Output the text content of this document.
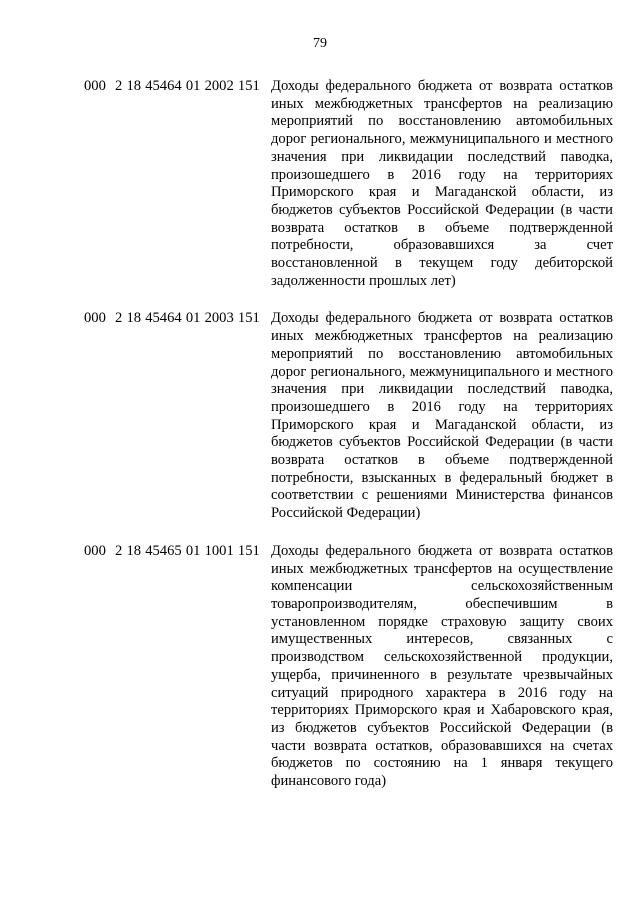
79
000 2 18 45464 01 2002 151 Доходы федерального бюджета от возврата остатков иных межбюджетных трансфертов на реализацию мероприятий по восстановлению автомобильных дорог регионального, межмуниципального и местного значения при ликвидации последствий паводка, произошедшего в 2016 году на территориях Приморского края и Магаданской области, из бюджетов субъектов Российской Федерации (в части возврата остатков в объеме подтвержденной потребности, образовавшихся за счет восстановленной в текущем году дебиторской задолженности прошлых лет)
000 2 18 45464 01 2003 151 Доходы федерального бюджета от возврата остатков иных межбюджетных трансфертов на реализацию мероприятий по восстановлению автомобильных дорог регионального, межмуниципального и местного значения при ликвидации последствий паводка, произошедшего в 2016 году на территориях Приморского края и Магаданской области, из бюджетов субъектов Российской Федерации (в части возврата остатков в объеме подтвержденной потребности, взысканных в федеральный бюджет в соответствии с решениями Министерства финансов Российской Федерации)
000 2 18 45465 01 1001 151 Доходы федерального бюджета от возврата остатков иных межбюджетных трансфертов на осуществление компенсации сельскохозяйственным товаропроизводителям, обеспечившим в установленном порядке страховую защиту своих имущественных интересов, связанных с производством сельскохозяйственной продукции, ущерба, причиненного в результате чрезвычайных ситуаций природного характера в 2016 году на территориях Приморского края и Хабаровского края, из бюджетов субъектов Российской Федерации (в части возврата остатков, образовавшихся на счетах бюджетов по состоянию на 1 января текущего финансового года)
